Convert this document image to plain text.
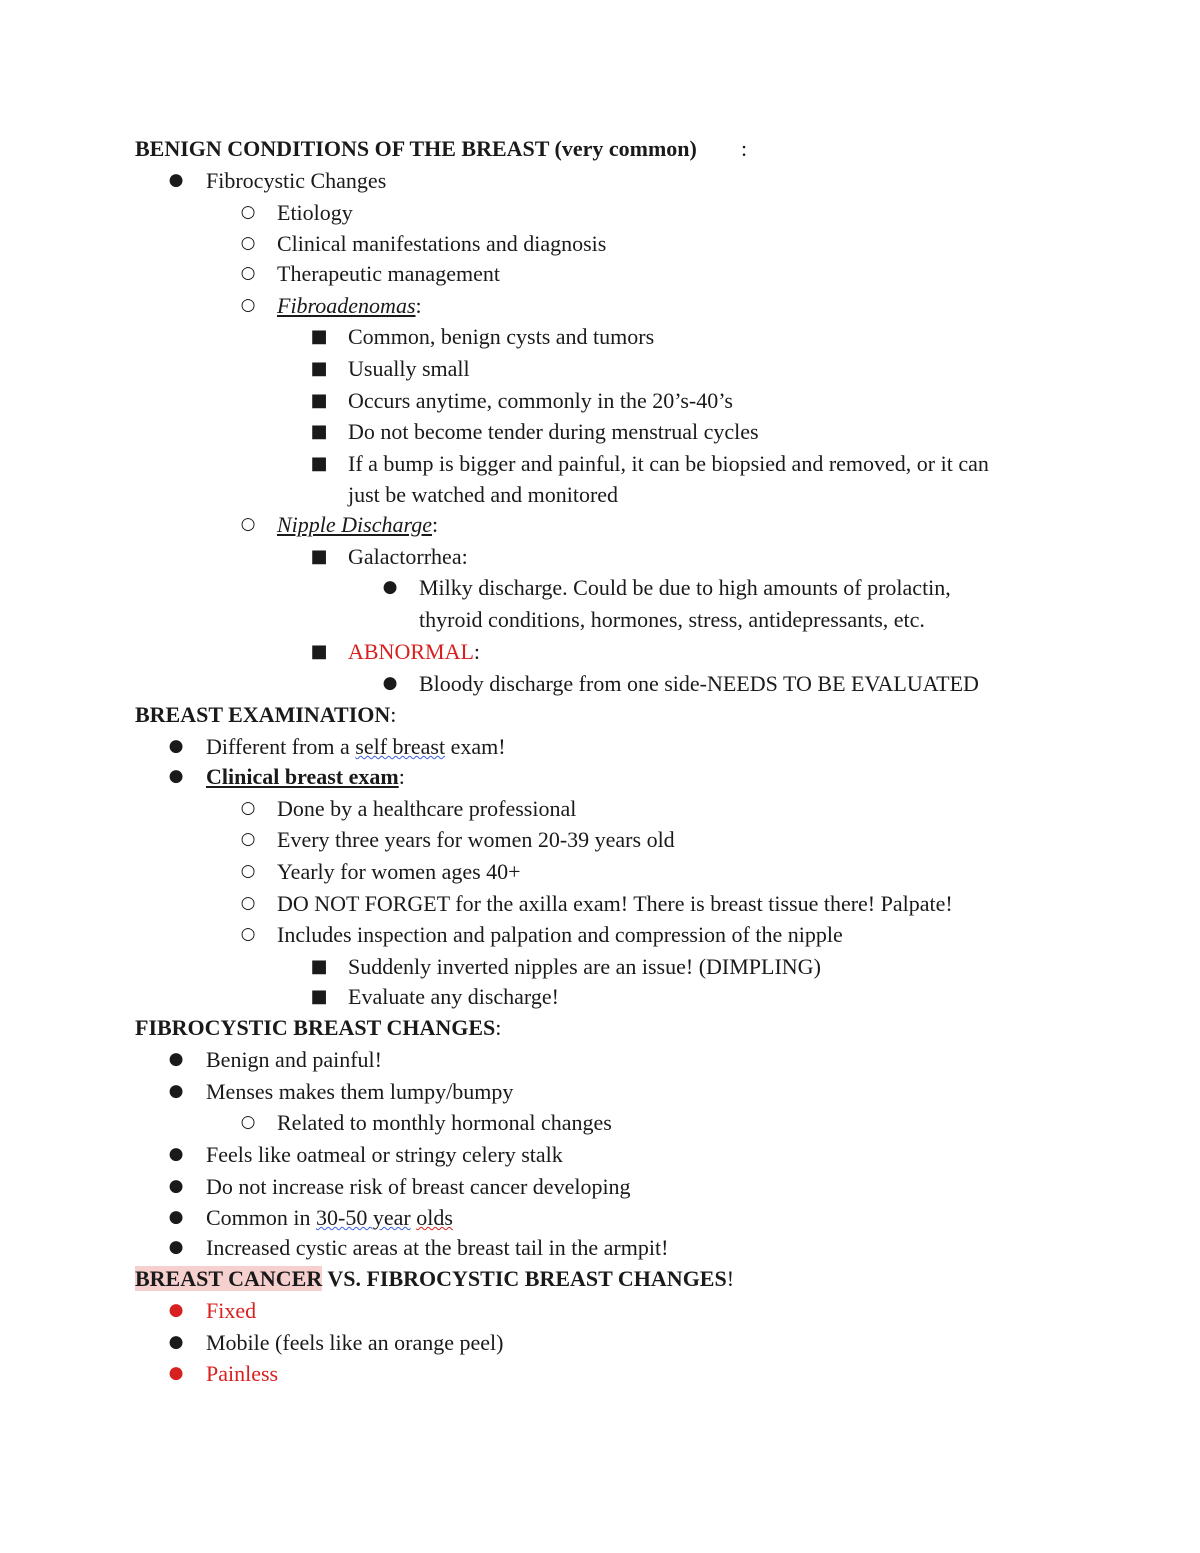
BENIGN CONDITIONS OF THE BREAST (very common) :
● Fibrocystic Changes
○ Etiology
○ Clinical manifestations and diagnosis
○ Therapeutic management
○ Fibroadenomas:
■ Common, benign cysts and tumors
■ Usually small
■ Occurs anytime, commonly in the 20’s-40’s
■ Do not become tender during menstrual cycles
■ If a bump is bigger and painful, it can be biopsied and removed, or it can
just be watched and monitored
○ Nipple Discharge:
■ Galactorrhea:
● Milky discharge. Could be due to high amounts of prolactin,
thyroid conditions, hormones, stress, antidepressants, etc.
■ ABNORMAL:
● Bloody discharge from one side-NEEDS TO BE EVALUATED
BREAST EXAMINATION:
● Different from a self breast exam!
● Clinical breast exam:
○ Done by a healthcare professional
○ Every three years for women 20-39 years old
○ Yearly for women ages 40+
○ DO NOT FORGET for the axilla exam! There is breast tissue there! Palpate!
○ Includes inspection and palpation and compression of the nipple
■ Suddenly inverted nipples are an issue! (DIMPLING)
■ Evaluate any discharge!
FIBROCYSTIC BREAST CHANGES:
● Benign and painful!
● Menses makes them lumpy/bumpy
○ Related to monthly hormonal changes
● Feels like oatmeal or stringy celery stalk
● Do not increase risk of breast cancer developing
● Common in 30-50 year olds
● Increased cystic areas at the breast tail in the armpit!
BREAST CANCER VS. FIBROCYSTIC BREAST CHANGES!
● Fixed
● Mobile (feels like an orange peel)
● Painless
